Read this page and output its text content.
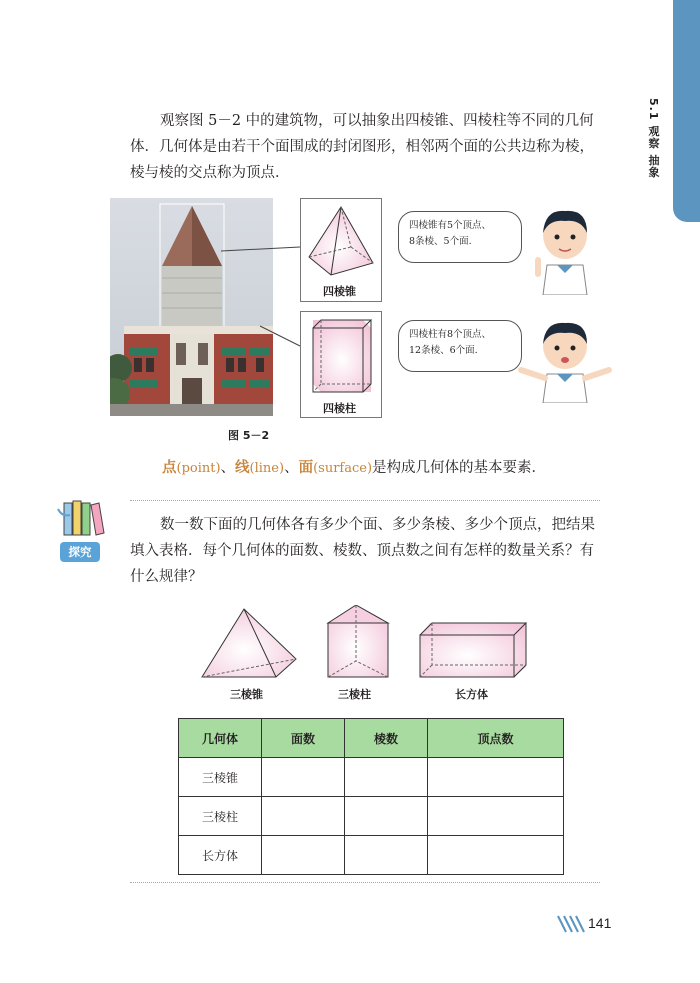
5.1 观察 抽象
观察图 5－2 中的建筑物，可以抽象出四棱锥、四棱柱等不同的几何体．几何体是由若干个面围成的封闭图形，相邻两个面的公共边称为棱，棱与棱的交点称为顶点．
四棱锥
四棱柱
图 5－2
四棱锥有5个顶点、
8条棱、5个面.
四棱柱有8个顶点、
12条棱、6个面.
点(point)、线(line)、面(surface)是构成几何体的基本要素．
探究
数一数下面的几何体各有多少个面、多少条棱、多少个顶点，把结果填入表格．每个几何体的面数、棱数、顶点数之间有怎样的数量关系？有什么规律？
三棱锥	三棱柱	长方体
几何体	面数	棱数	顶点数
三棱锥			
三棱柱			
长方体			
141
